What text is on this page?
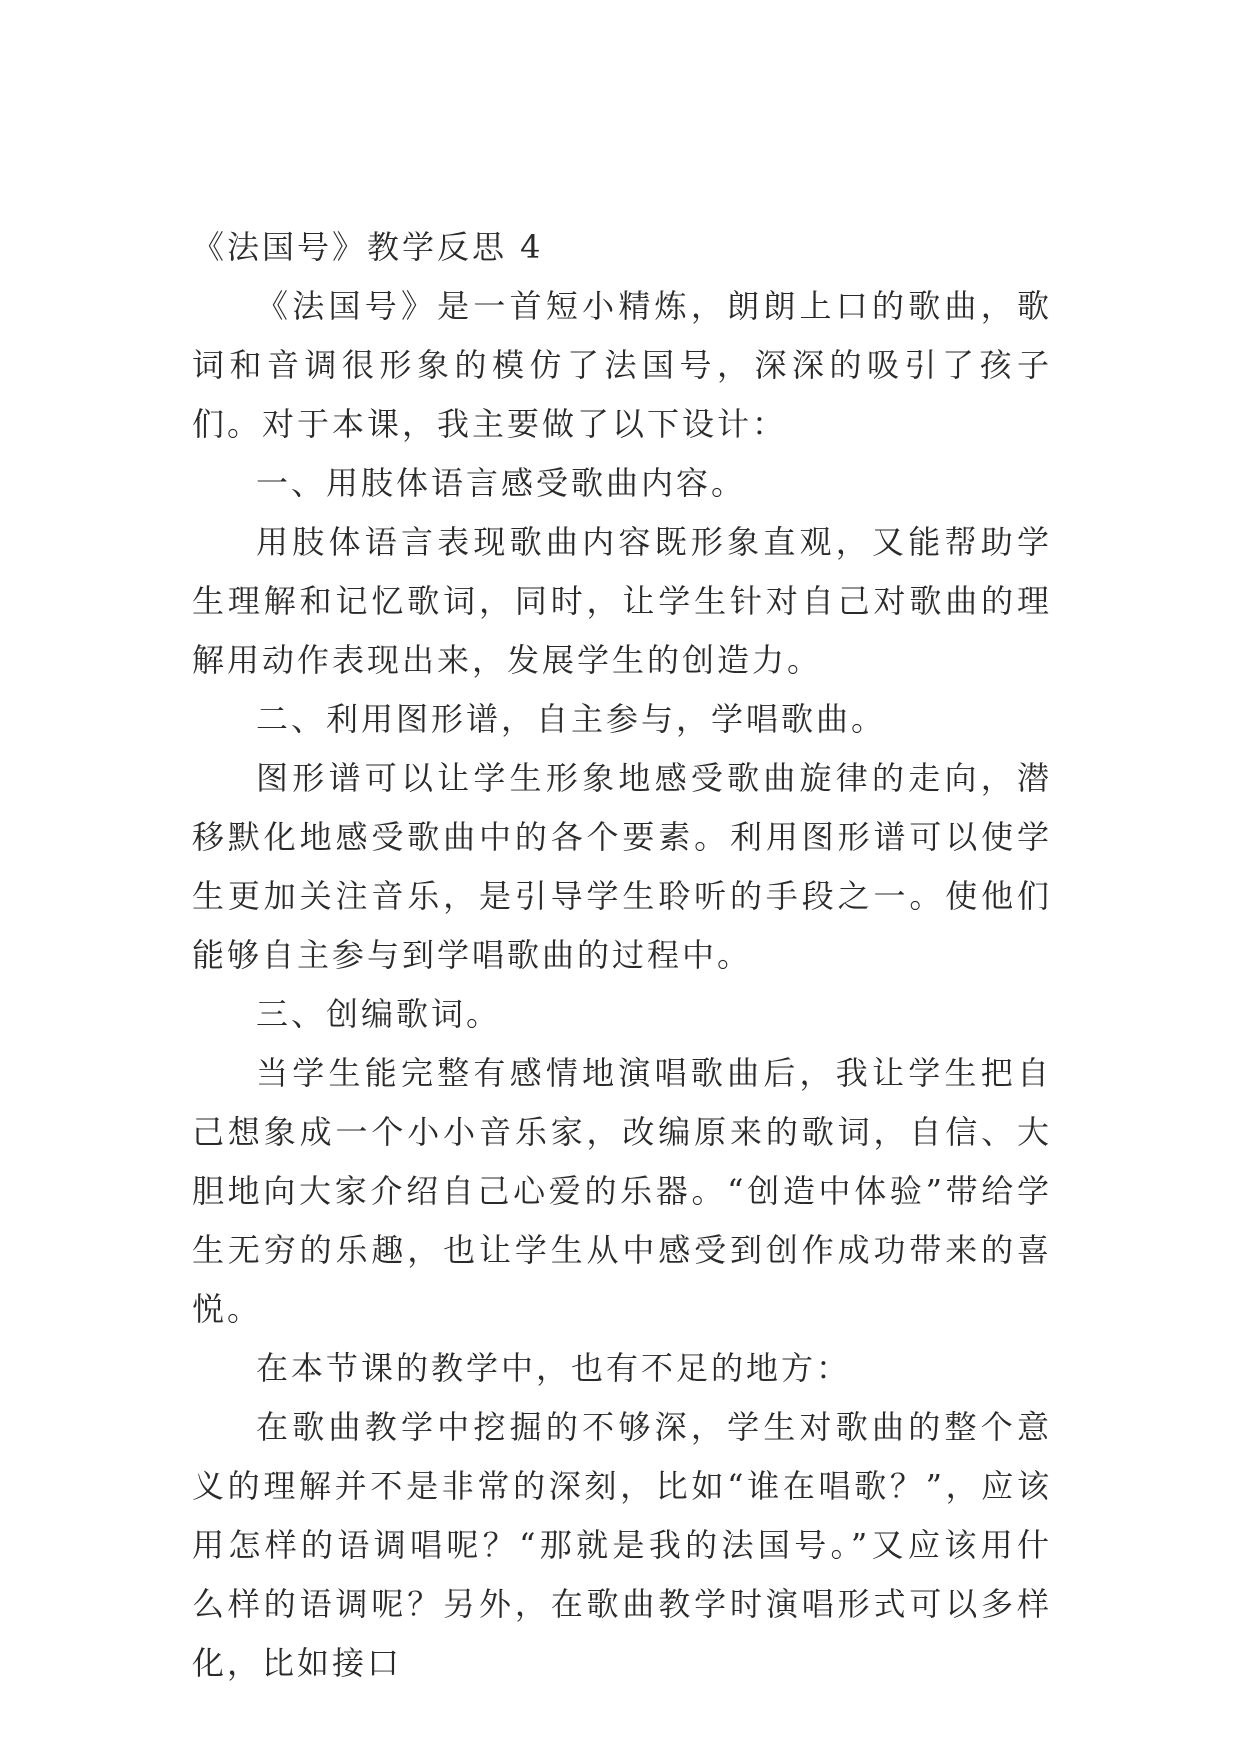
《法国号》教学反思 4

《法国号》是一首短小精炼，朗朗上口的歌曲，歌词和音调很形象的模仿了法国号，深深的吸引了孩子们。对于本课，我主要做了以下设计：

一、用肢体语言感受歌曲内容。

用肢体语言表现歌曲内容既形象直观，又能帮助学生理解和记忆歌词，同时，让学生针对自己对歌曲的理解用动作表现出来，发展学生的创造力。

二、利用图形谱，自主参与，学唱歌曲。

图形谱可以让学生形象地感受歌曲旋律的走向，潜移默化地感受歌曲中的各个要素。利用图形谱可以使学生更加关注音乐，是引导学生聆听的手段之一。使他们能够自主参与到学唱歌曲的过程中。

三、创编歌词。

当学生能完整有感情地演唱歌曲后，我让学生把自己想象成一个小小音乐家，改编原来的歌词，自信、大胆地向大家介绍自己心爱的乐器。“创造中体验”带给学生无穷的乐趣，也让学生从中感受到创作成功带来的喜悦。

在本节课的教学中，也有不足的地方：

在歌曲教学中挖掘的不够深，学生对歌曲的整个意义的理解并不是非常的深刻，比如“谁在唱歌？”，应该用怎样的语调唱呢？“那就是我的法国号。”又应该用什么样的语调呢？另外，在歌曲教学时演唱形式可以多样化，比如接口
